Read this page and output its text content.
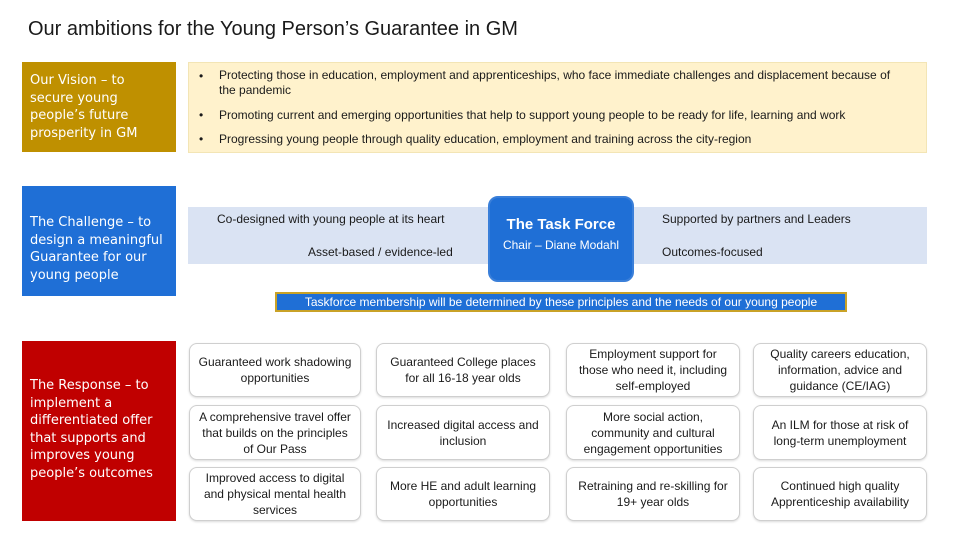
Our ambitions for the Young Person’s Guarantee in GM
Our Vision – to secure young people’s future prosperity in GM
The Challenge – to design a meaningful Guarantee for our young people
The Response – to implement a differentiated offer that supports and improves young people’s outcomes
• Protecting those in education, employment and apprenticeships, who face immediate challenges and displacement because of the pandemic
• Promoting current and emerging opportunities that help to support young people to be ready for life, learning and work
• Progressing young people through quality education, employment and training across the city-region
Co-designed with young people at its heart
Asset-based / evidence-led
Supported by partners and Leaders
Outcomes-focused
The Task Force
Chair – Diane Modahl
Taskforce membership will be determined by these principles and the needs of our young people
Guaranteed work shadowing opportunities
Guaranteed College places for all 16-18 year olds
Employment support for those who need it, including self-employed
Quality careers education, information, advice and guidance (CE/IAG)
A comprehensive travel offer that builds on the principles of Our Pass
Increased digital access and inclusion
More social action, community and cultural engagement opportunities
An ILM for those at risk of long-term unemployment
Improved access to digital and physical mental health services
More HE and adult learning opportunities
Retraining and re-skilling for 19+ year olds
Continued high quality Apprenticeship availability
